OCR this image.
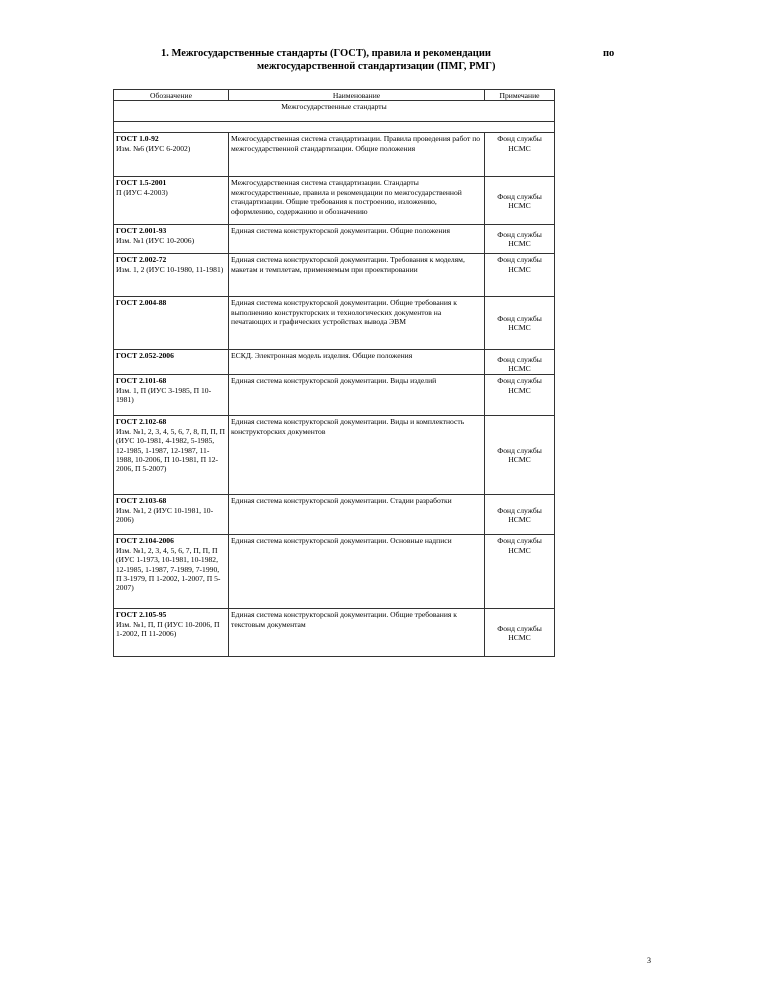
1. Межгосударственные стандарты (ГОСТ), правила и рекомендации	по
межгосударственной стандартизации (ПМГ, РМГ)
Обозначение	Наименование	Примечание
Межгосударственные стандарты		

ГОСТ 1.0-92
Изм. №6 (ИУС 6-2002)	Межгосударственная система стандартизации. Правила проведения работ по межгосударственной стандартизации. Общие положения	Фонд службы НСМС

ГОСТ 1.5-2001
П (ИУС 4-2003)	Межгосударственная система стандартизации. Стандарты межгосударственные, правила и рекомендации по межгосударственной стандартизации. Общие требования к построению, изложению, оформлению, содержанию и обозначению	Фонд службы НСМС

ГОСТ 2.001-93
Изм. №1 (ИУС 10-2006)	Единая система конструкторской документации. Общие положения	Фонд службы НСМС

ГОСТ 2.002-72
Изм. 1, 2 (ИУС 10-1980, 11-1981)	Единая система конструкторской документации. Требования к моделям, макетам и темплетам, применяемым при проектировании	Фонд службы НСМС

ГОСТ 2.004-88	Единая система конструкторской документации. Общие требования к выполнению конструкторских и технологических документов на печатающих и графических устройствах вывода ЭВМ	Фонд службы НСМС

ГОСТ 2.052-2006	ЕСКД. Электронная модель изделия. Общие положения	Фонд службы НСМС

ГОСТ 2.101-68
Изм. 1, П (ИУС 3-1985, П 10-1981)	Единая система конструкторской документации. Виды изделий	Фонд службы НСМС

ГОСТ 2.102-68
Изм. №1, 2, 3, 4, 5, 6, 7, 8, П, П, П (ИУС 10-1981, 4-1982, 5-1985, 12-1985, 1-1987, 12-1987, 11-1988, 10-2006, П 10-1981, П 12-2006, П 5-2007)	Единая система конструкторской документации. Виды и комплектность конструкторских документов	Фонд службы НСМС

ГОСТ 2.103-68
Изм. №1, 2 (ИУС 10-1981, 10-2006)	Единая система конструкторской документации. Стадии разработки	Фонд службы НСМС

ГОСТ 2.104-2006
Изм. №1, 2, 3, 4, 5, 6, 7, П, П, П (ИУС 1-1973, 10-1981, 10-1982, 12-1985, 1-1987, 7-1989, 7-1990, П 3-1979, П 1-2002, 1-2007, П 5-2007)	Единая система конструкторской документации. Основные надписи	Фонд службы НСМС

ГОСТ 2.105-95
Изм. №1, П, П (ИУС 10-2006, П 1-2002, П 11-2006)	Единая система конструкторской документации. Общие требования к текстовым документам	Фонд службы НСМС
3
